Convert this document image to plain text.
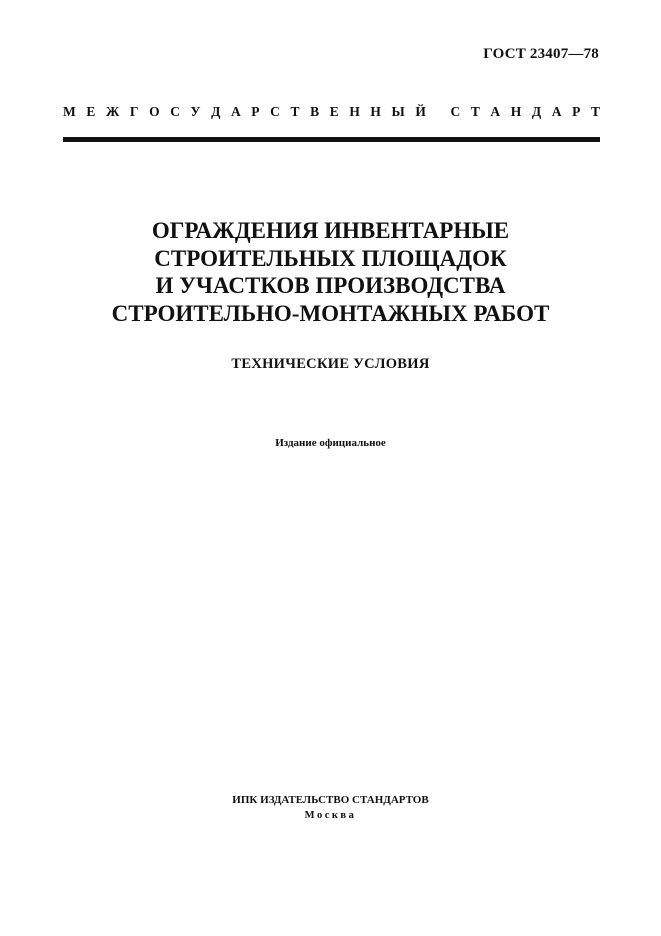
ГОСТ 23407—78
М Е Ж Г О С У Д А Р С Т В Е Н Н Ы Й
С Т А Н Д А Р Т
ОГРАЖДЕНИЯ ИНВЕНТАРНЫЕ
СТРОИТЕЛЬНЫХ ПЛОЩАДОК
И УЧАСТКОВ ПРОИЗВОДСТВА
СТРОИТЕЛЬНО-МОНТАЖНЫХ РАБОТ
ТЕХНИЧЕСКИЕ УСЛОВИЯ
Издание официальное
ИПК ИЗДАТЕЛЬСТВО СТАНДАРТОВ
Москва
